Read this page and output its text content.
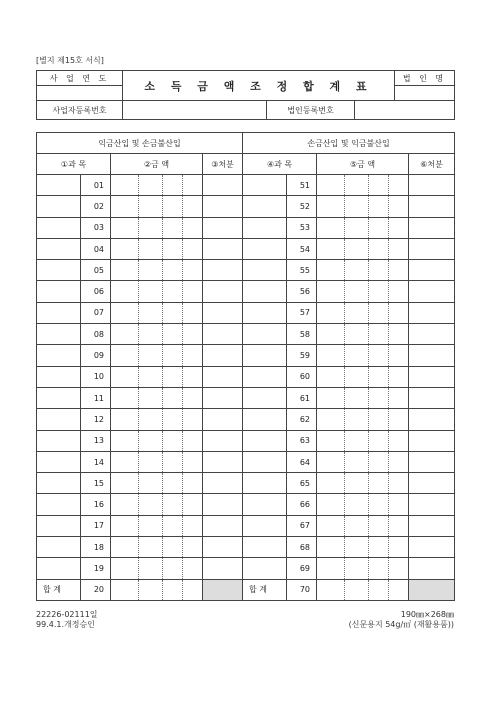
[별지 제15호 서식]
사 업 연 도	소 득 금 액 조 정 합 계 표			법 인 명

사업자등록번호		법인등록번호		
익금산입 및 손금불산입							손금산입 및 익금불산입						
①과 목		②금 액				③처분	④과 목		⑤금 액				⑥처분
	01							51					
	02							52					
	03							53					
	04							54					
	05							55					
	06							56					
	07							57					
	08							58					
	09							59					
	10							60					
	11							61					
	12							62					
	13							63					
	14							64					
	15							65					
	16							66					
	17							67					
	18							68					
	19							69					
합 계	20						합 계	70					
22226-02111일
99.4.1.개정승인
190㎜×268㎜
(신문용지 54g/㎡ (재활용품))
